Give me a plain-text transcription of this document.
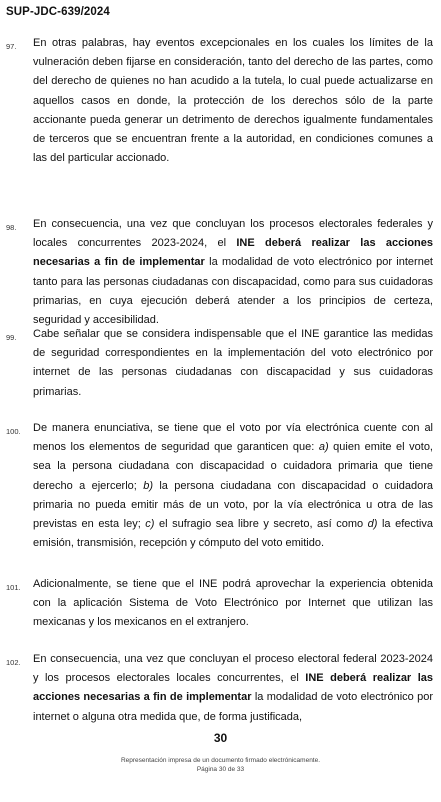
SUP-JDC-639/2024
97. En otras palabras, hay eventos excepcionales en los cuales los límites de la vulneración deben fijarse en consideración, tanto del derecho de las partes, como del derecho de quienes no han acudido a la tutela, lo cual puede actualizarse en aquellos casos en donde, la protección de los derechos sólo de la parte accionante pueda generar un detrimento de derechos igualmente fundamentales de terceros que se encuentran frente a la autoridad, en condiciones comunes a las del particular accionado.
98. En consecuencia, una vez que concluyan los procesos electorales federales y locales concurrentes 2023-2024, el INE deberá realizar las acciones necesarias a fin de implementar la modalidad de voto electrónico por internet tanto para las personas ciudadanas con discapacidad, como para sus cuidadoras primarias, en cuya ejecución deberá atender a los principios de certeza, seguridad y accesibilidad.
99. Cabe señalar que se considera indispensable que el INE garantice las medidas de seguridad correspondientes en la implementación del voto electrónico por internet de las personas ciudadanas con discapacidad y sus cuidadoras primarias.
100. De manera enunciativa, se tiene que el voto por vía electrónica cuente con al menos los elementos de seguridad que garanticen que: a) quien emite el voto, sea la persona ciudadana con discapacidad o cuidadora primaria que tiene derecho a ejercerlo; b) la persona ciudadana con discapacidad o cuidadora primaria no pueda emitir más de un voto, por la vía electrónica u otra de las previstas en esta ley; c) el sufragio sea libre y secreto, así como d) la efectiva emisión, transmisión, recepción y cómputo del voto emitido.
101. Adicionalmente, se tiene que el INE podrá aprovechar la experiencia obtenida con la aplicación Sistema de Voto Electrónico por Internet que utilizan las mexicanas y los mexicanos en el extranjero.
102. En consecuencia, una vez que concluyan el proceso electoral federal 2023-2024 y los procesos electorales locales concurrentes, el INE deberá realizar las acciones necesarias a fin de implementar la modalidad de voto electrónico por internet o alguna otra medida que, de forma justificada,
30
Representación impresa de un documento firmado electrónicamente.
Página 30 de 33
